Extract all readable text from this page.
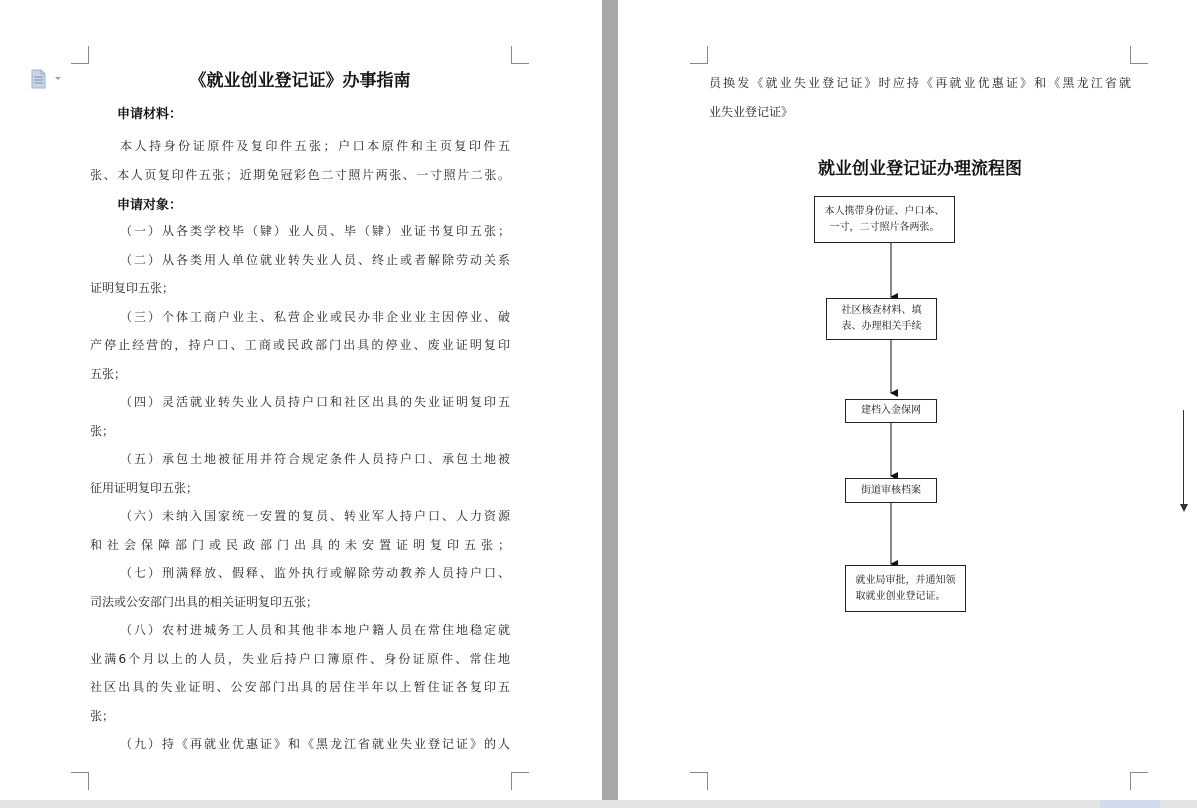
《就业创业登记证》办事指南
申请材料：
本人持身份证原件及复印件五张；户口本原件和主页复印件五
张、本人页复印件五张；近期免冠彩色二寸照片两张、一寸照片二张。
申请对象：
（一）从各类学校毕（肄）业人员、毕（肄）业证书复印五张；
（二）从各类用人单位就业转失业人员、终止或者解除劳动关系
证明复印五张；
（三）个体工商户业主、私营企业或民办非企业业主因停业、破
产停止经营的，持户口、工商或民政部门出具的停业、废业证明复印
五张；
（四）灵活就业转失业人员持户口和社区出具的失业证明复印五
张；
（五）承包土地被征用并符合规定条件人员持户口、承包土地被
征用证明复印五张；
（六）未纳入国家统一安置的复员、转业军人持户口、人力资源
和社会保障部门或民政部门出具的未安置证明复印五张；
（七）刑满释放、假释、监外执行或解除劳动教养人员持户口、
司法或公安部门出具的相关证明复印五张；
（八）农村进城务工人员和其他非本地户籍人员在常住地稳定就
业满6个月以上的人员，失业后持户口簿原件、身份证原件、常住地
社区出具的失业证明、公安部门出具的居住半年以上暂住证各复印五
张；
（九）持《再就业优惠证》和《黑龙江省就业失业登记证》的人
员换发《就业失业登记证》时应持《再就业优惠证》和《黑龙江省就
业失业登记证》
就业创业登记证办理流程图
本人携带身份证、户口本、
一寸，二寸照片各两张。
社区核查材料、填
表、办理相关手续
建档入金保网
街道审核档案
就业局审批，并通知领
取就业创业登记证。
